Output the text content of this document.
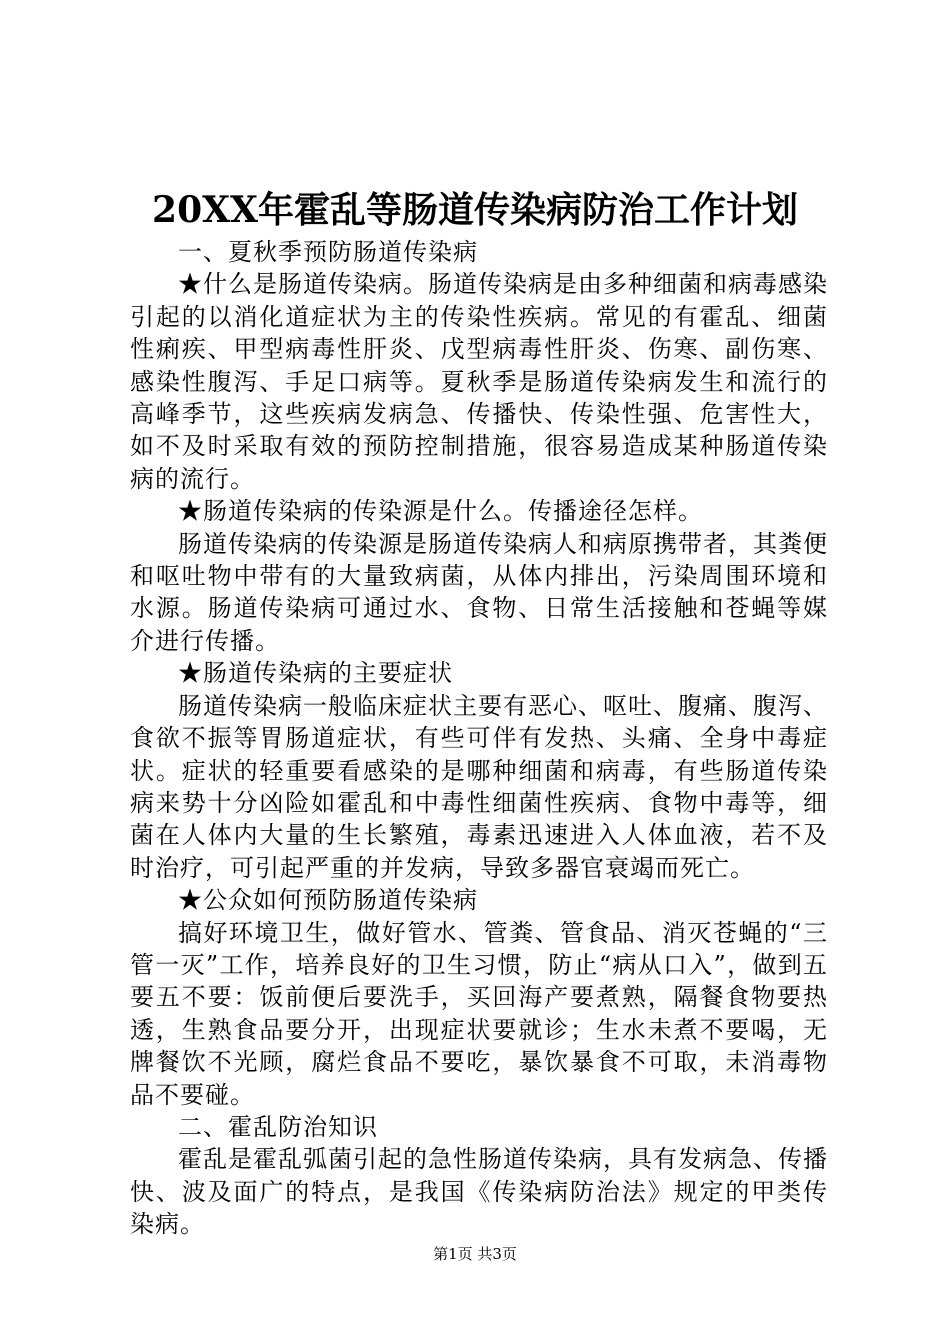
20XX年霍乱等肠道传染病防治工作计划

一、夏秋季预防肠道传染病

★什么是肠道传染病。肠道传染病是由多种细菌和病毒感染引起的以消化道症状为主的传染性疾病。常见的有霍乱、细菌性痢疾、甲型病毒性肝炎、戊型病毒性肝炎、伤寒、副伤寒、感染性腹泻、手足口病等。夏秋季是肠道传染病发生和流行的高峰季节，这些疾病发病急、传播快、传染性强、危害性大，如不及时采取有效的预防控制措施，很容易造成某种肠道传染病的流行。

★肠道传染病的传染源是什么。传播途径怎样。

肠道传染病的传染源是肠道传染病人和病原携带者，其粪便和呕吐物中带有的大量致病菌，从体内排出，污染周围环境和水源。肠道传染病可通过水、食物、日常生活接触和苍蝇等媒介进行传播。

★肠道传染病的主要症状

肠道传染病一般临床症状主要有恶心、呕吐、腹痛、腹泻、食欲不振等胃肠道症状，有些可伴有发热、头痛、全身中毒症状。症状的轻重要看感染的是哪种细菌和病毒，有些肠道传染病来势十分凶险如霍乱和中毒性细菌性疾病、食物中毒等，细菌在人体内大量的生长繁殖，毒素迅速进入人体血液，若不及时治疗，可引起严重的并发病，导致多器官衰竭而死亡。

★公众如何预防肠道传染病

搞好环境卫生，做好管水、管粪、管食品、消灭苍蝇的“三管一灭”工作，培养良好的卫生习惯，防止“病从口入”，做到五要五不要：饭前便后要洗手，买回海产要煮熟，隔餐食物要热透，生熟食品要分开，出现症状要就诊；生水未煮不要喝，无牌餐饮不光顾，腐烂食品不要吃，暴饮暴食不可取，未消毒物品不要碰。

二、霍乱防治知识

霍乱是霍乱弧菌引起的急性肠道传染病，具有发病急、传播快、波及面广的特点，是我国《传染病防治法》规定的甲类传染病。

第1页 共3页
